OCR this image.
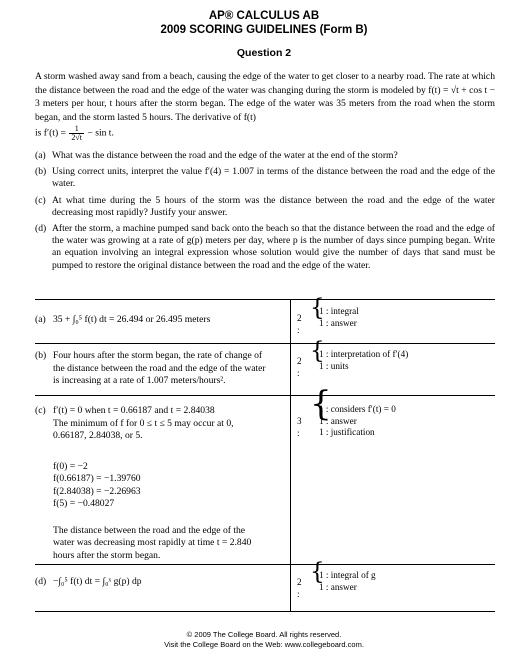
AP® CALCULUS AB
2009 SCORING GUIDELINES (Form B)
Question 2

A storm washed away sand from a beach, causing the edge of the water to get closer to a nearby road. The rate at which the distance between the road and the edge of the water was changing during the storm is modeled by f(t) = √t + cos t − 3 meters per hour, t hours after the storm began. The edge of the water was 35 meters from the road when the storm began, and the storm lasted 5 hours. The derivative of f(t)

is $f'(t) = \frac{1}{2√t} - \sin t$.

(a) What was the distance between the road and the edge of the water at the end of the storm?
(b) Using correct units, interpret the value f′(4) = 1.007 in terms of the distance between the road and the edge of the water.
(c) At what time during the 5 hours of the storm was the distance between the road and the edge of the water decreasing most rapidly? Justify your answer.
(d) After the storm, a machine pumped sand back onto the beach so that the distance between the road and the edge of the water was growing at a rate of g(p) meters per day, where p is the number of days since pumping began. Write an equation involving an integral expression whose solution would give the number of days that sand must be pumped to restore the original distance between the road and the edge of the water.
(a) 35 + ∫₀⁵ f(t) dt = 26.494 or 26.495 meters	2 :
{
1 : integral
1 : answer
(b) Four hours after the storm began, the rate of change of
the distance between the road and the edge of the water
is increasing at a rate of 1.007 meters/hours².
2 :
{
1 : interpretation of f′(4)
1 : units
(c) f′(t) = 0 when t = 0.66187 and t = 2.84038
The minimum of f for 0 ≤ t ≤ 5 may occur at 0,
0.66187, 2.84038, or 5.
f(0) = −2
f(0.66187) = −1.39760
f(2.84038) = −2.26963
f(5) = −0.48027
The distance between the road and the edge of the
water was decreasing most rapidly at time t = 2.840
hours after the storm began.
3 :
{
1 : considers f′(t) = 0
1 : answer
1 : justification
(d) −∫₀⁵ f(t) dt = ∫₀ˣ g(p) dp	2 :
{
1 : integral of g
1 : answer
© 2009 The College Board. All rights reserved.
Visit the College Board on the Web: www.collegeboard.com.
